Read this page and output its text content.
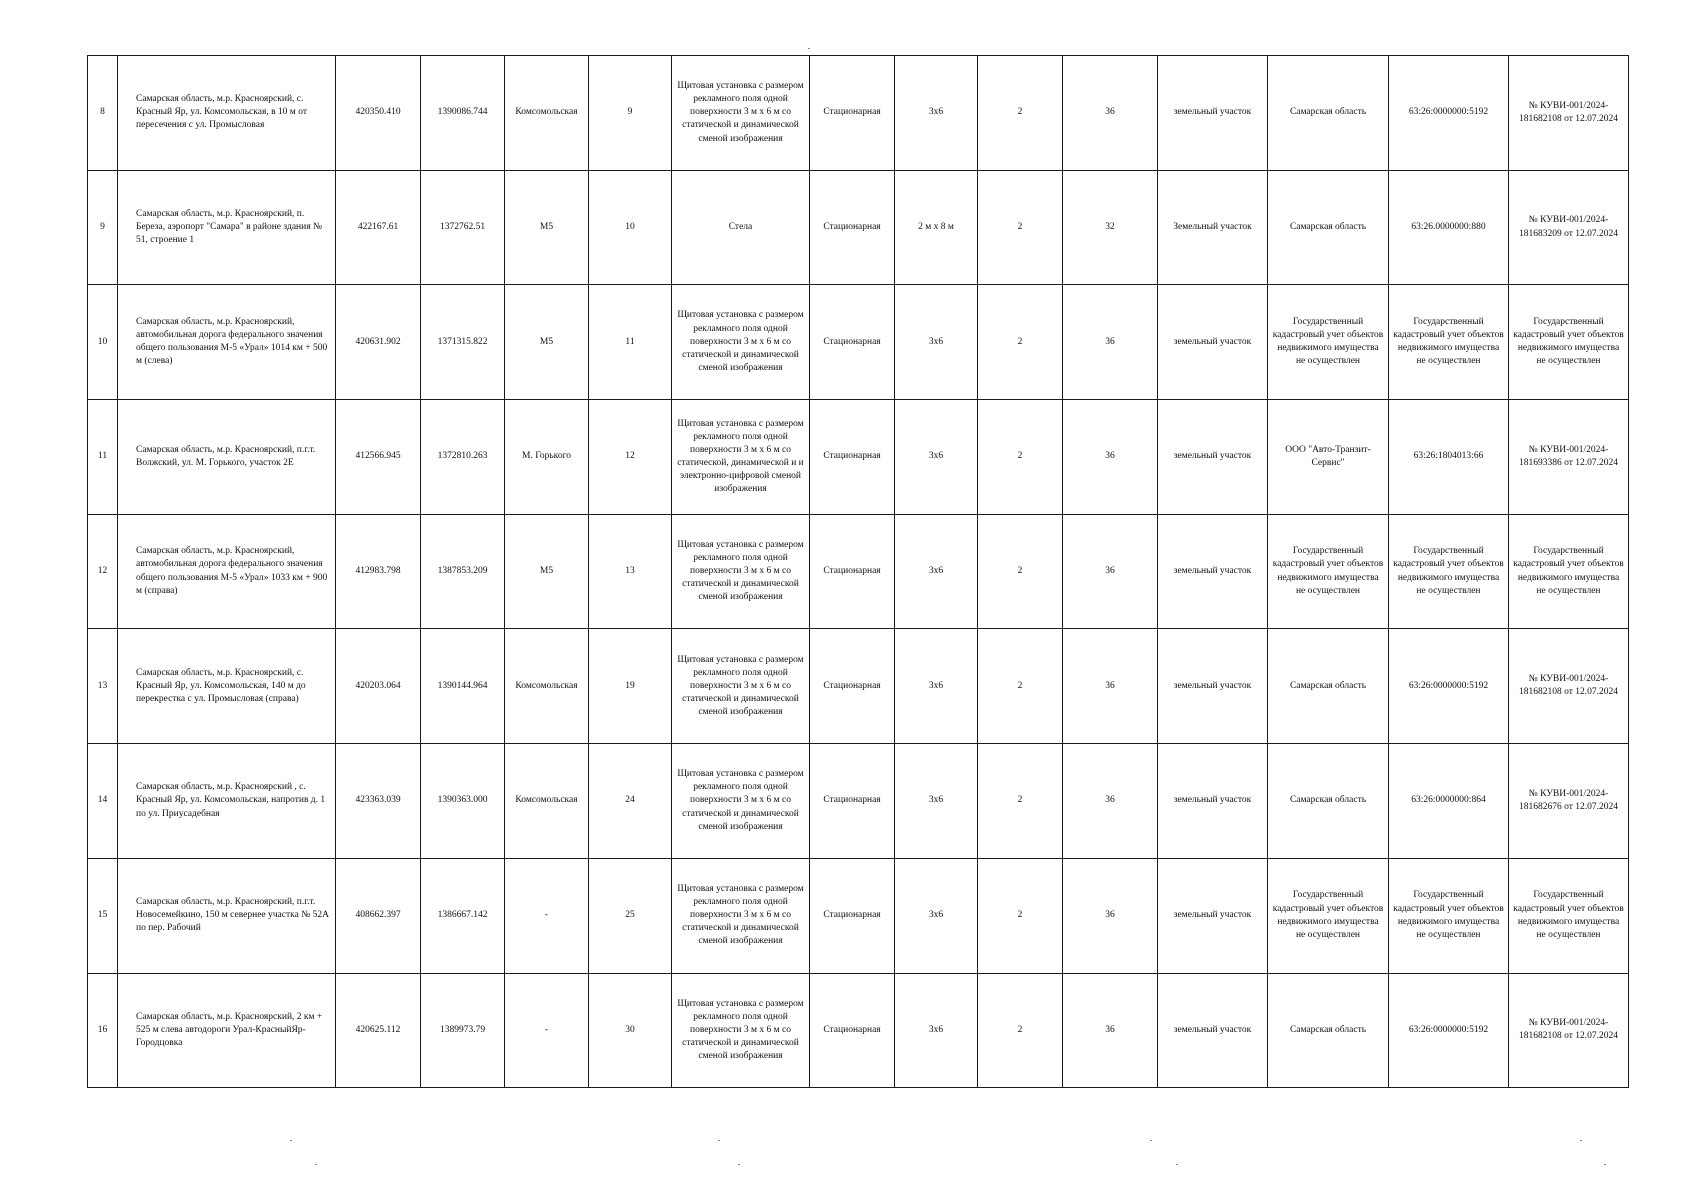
8	Самарская область, м.р. Красноярский, с. Красный Яр, ул. Комсомольская, в 10 м от пересечения с ул. Промысловая	420350.410	1390086.744	Комсомольская	9	Щитовая установка с размером рекламного поля одной поверхности 3 м х 6 м со статической и динамической сменой изображения	Стационарная	3х6	2	36	земельный участок	Самарская область	63:26:0000000:5192	№ КУВИ-001/2024-181682108 от 12.07.2024
9	Самарская область, м.р. Красноярский, п. Береза, аэропорт "Самара" в районе здания № 51, строение 1	422167.61	1372762.51	М5	10	Стела	Стационарная	2 м х 8 м	2	32	Земельный участок	Самарская область	63:26.0000000:880	№ КУВИ-001/2024-181683209 от 12.07.2024
10	Самарская область, м.р. Красноярский, автомобильная дорога федерального значения общего пользования М-5 «Урал» 1014 км + 500 м (слева)	420631.902	1371315.822	М5	11	Щитовая установка с размером рекламного поля одной поверхности 3 м х 6 м со статической и динамической сменой изображения	Стационарная	3х6	2	36	земельный участок	Государственный кадастровый учет объектов недвижимого имущества не осуществлен	Государственный кадастровый учет объектов недвижимого имущества не осуществлен	Государственный кадастровый учет объектов недвижимого имущества не осуществлен
11	Самарская область, м.р. Красноярский, п.г.т. Волжский, ул. М. Горького, участок 2Е	412566.945	1372810.263	М. Горького	12	Щитовая установка с размером рекламного поля одной поверхности 3 м х 6 м со статической, динамической и и электронно-цифровой сменой изображения	Стационарная	3х6	2	36	земельный участок	ООО "Авто-Транзит-Сервис"	63:26:1804013:66	№ КУВИ-001/2024-181693386 от 12.07.2024
12	Самарская область, м.р. Красноярский, автомобильная дорога федерального значения общего пользования М-5 «Урал» 1033 км + 900 м (справа)	412983.798	1387853.209	М5	13	Щитовая установка с размером рекламного поля одной поверхности 3 м х 6 м со статической и динамической сменой изображения	Стационарная	3х6	2	36	земельный участок	Государственный кадастровый учет объектов недвижимого имущества не осуществлен	Государственный кадастровый учет объектов недвижимого имущества не осуществлен	Государственный кадастровый учет объектов недвижимого имущества не осуществлен
13	Самарская область, м.р. Красноярский, с. Красный Яр, ул. Комсомольская, 140 м до перекрестка с ул. Промысловая (справа)	420203.064	1390144.964	Комсомольская	19	Щитовая установка с размером рекламного поля одной поверхности 3 м х 6 м со статической и динамической сменой изображения	Стационарная	3х6	2	36	земельный участок	Самарская область	63:26:0000000:5192	№ КУВИ-001/2024-181682108 от 12.07.2024
14	Самарская область, м.р. Красноярский , с. Красный Яр, ул. Комсомольская, напротив д. 1 по ул. Приусадебная	423363.039	1390363.000	Комсомольская	24	Щитовая установка с размером рекламного поля одной поверхности 3 м х 6 м со статической и динамической сменой изображения	Стационарная	3х6	2	36	земельный участок	Самарская область	63:26:0000000:864	№ КУВИ-001/2024-181682676 от 12.07.2024
15	Самарская область, м.р. Красноярский, п.г.т. Новосемейкино, 150 м севернее участка № 52А по пер. Рабочий	408662.397	1386667.142	-	25	Щитовая установка с размером рекламного поля одной поверхности 3 м х 6 м со статической и динамической сменой изображения	Стационарная	3х6	2	36	земельный участок	Государственный кадастровый учет объектов недвижимого имущества не осуществлен	Государственный кадастровый учет объектов недвижимого имущества не осуществлен	Государственный кадастровый учет объектов недвижимого имущества не осуществлен
16	Самарская область, м.р. Красноярский, 2 км + 525 м слева автодороги Урал-КрасныйЯр-Городцовка	420625.112	1389973.79	-	30	Щитовая установка с размером рекламного поля одной поверхности 3 м х 6 м со статической и динамической сменой изображения	Стационарная	3х6	2	36	земельный участок	Самарская область	63:26:0000000:5192	№ КУВИ-001/2024-181682108 от 12.07.2024
